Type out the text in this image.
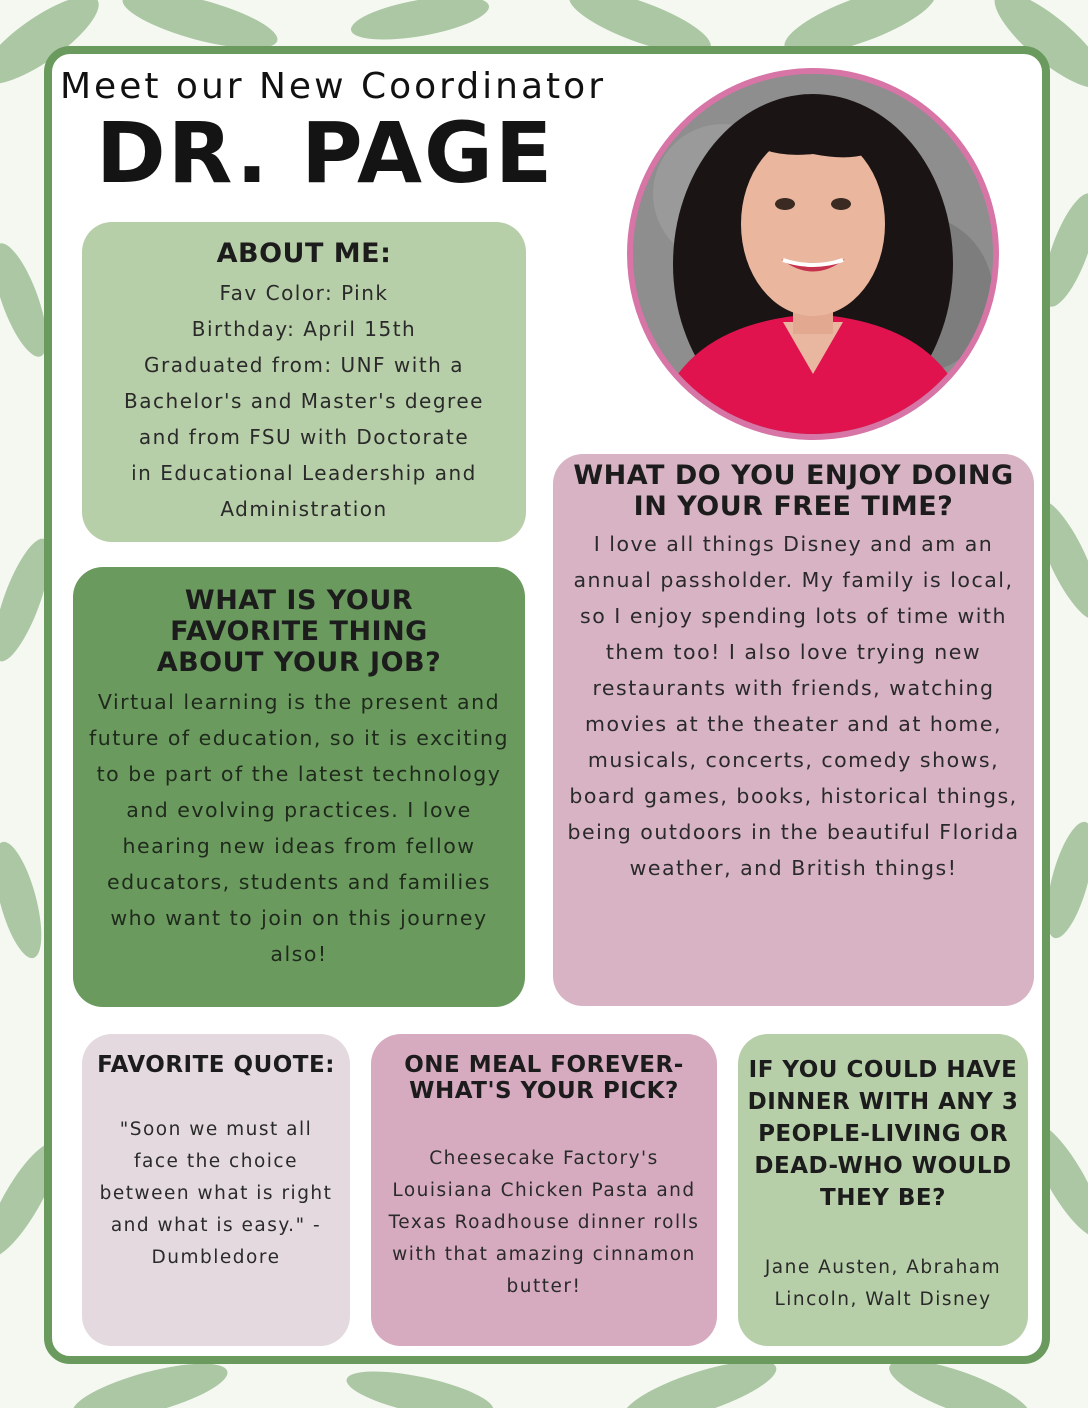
Meet our New Coordinator
DR. PAGE
ABOUT ME:

Fav Color: Pink
Birthday: April 15th
Graduated from: UNF with a
Bachelor's and Master's degree
and from FSU with Doctorate
in Educational Leadership and
Administration

WHAT IS YOUR FAVORITE THING ABOUT YOUR JOB?

Virtual learning is the present and future of education, so it is exciting to be part of the latest technology and evolving practices. I love hearing new ideas from fellow educators, students and families who want to join on this journey also!

WHAT DO YOU ENJOY DOING IN YOUR FREE TIME?

I love all things Disney and am an annual passholder. My family is local, so I enjoy spending lots of time with them too! I also love trying new restaurants with friends, watching movies at the theater and at home, musicals, concerts, comedy shows, board games, books, historical things, being outdoors in the beautiful Florida weather, and British things!

FAVORITE QUOTE:

"Soon we must all face the choice between what is right and what is easy." - Dumbledore

ONE MEAL FOREVER- WHAT'S YOUR PICK?

Cheesecake Factory's Louisiana Chicken Pasta and Texas Roadhouse dinner rolls with that amazing cinnamon butter!

IF YOU COULD HAVE DINNER WITH ANY 3 PEOPLE-LIVING OR DEAD-WHO WOULD THEY BE?

Jane Austen, Abraham Lincoln, Walt Disney
